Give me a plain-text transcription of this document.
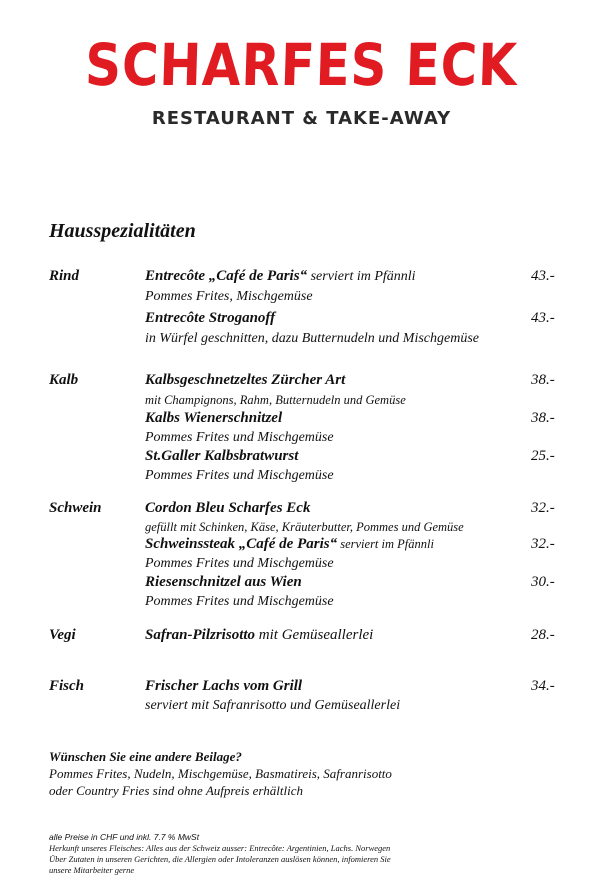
SCHARFES ECK
RESTAURANT & TAKE-AWAY
Hausspezialitäten
Rind	Entrecôte „Café de Paris“ serviert im Pfännli	43.-
Pommes Frites, Mischgemüse
Entrecôte Stroganoff	43.-
in Würfel geschnitten, dazu Butternudeln und Mischgemüse
Kalb	Kalbsgeschnetzeltes Zürcher Art	38.-
mit Champignons, Rahm, Butternudeln und Gemüse
Kalbs Wienerschnitzel	38.-
Pommes Frites und Mischgemüse
St.Galler Kalbsbratwurst	25.-
Pommes Frites und Mischgemüse
Schwein	Cordon Bleu Scharfes Eck	32.-
gefüllt mit Schinken, Käse, Kräuterbutter, Pommes und Gemüse
Schweinssteak „Café de Paris“ serviert im Pfännli	32.-
Pommes Frites und Mischgemüse
Riesenschnitzel aus Wien	30.-
Pommes Frites und Mischgemüse
Vegi	Safran-Pilzrisotto mit Gemüseallerlei	28.-
Fisch	Frischer Lachs vom Grill	34.-
serviert mit Safranrisotto und Gemüseallerlei
Wünschen Sie eine andere Beilage?
Pommes Frites, Nudeln, Mischgemüse, Basmatireis, Safranrisotto
oder Country Fries sind ohne Aufpreis erhältlich
alle Preise in CHF und inkl. 7.7 % MwSt
Herkunft unseres Fleisches: Alles aus der Schweiz ausser: Entrecôte: Argentinien, Lachs. Norwegen
Über Zutaten in unseren Gerichten, die Allergien oder Intoleranzen auslösen können, infomieren Sie
unsere Mitarbeiter gerne
